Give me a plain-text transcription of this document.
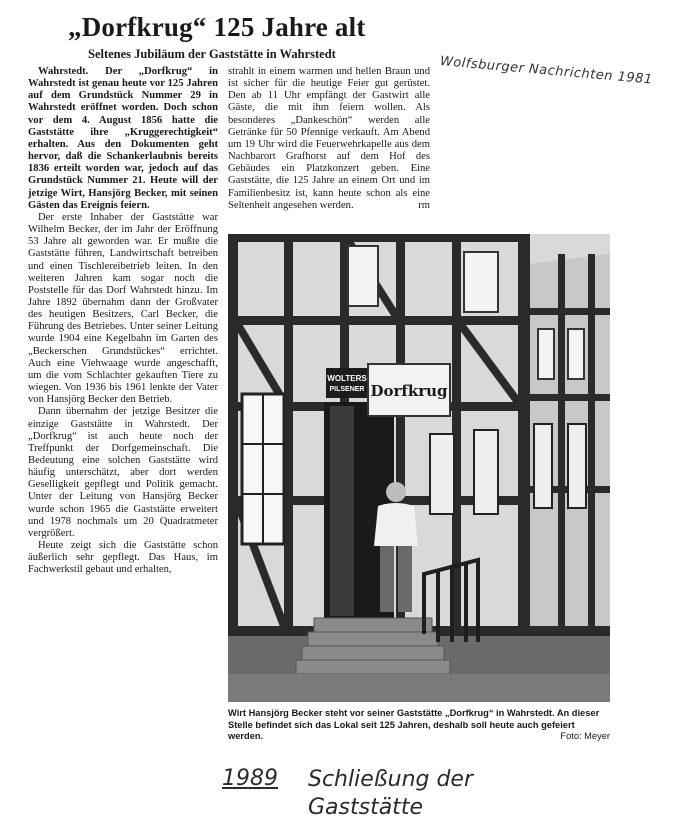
„Dorfkrug“ 125 Jahre alt
Seltenes Jubiläum der Gaststätte in Wahrstedt
Wolfsburger Nachrichten 1981

Wahrstedt. Der „Dorfkrug“ in Wahrstedt ist genau heute vor 125 Jahren auf dem Grundstück Nummer 29 in Wahrstedt eröffnet worden. Doch schon vor dem 4. August 1856 hatte die Gaststätte ihre „Kruggerechtigkeit“ erhalten. Aus den Dokumenten geht hervor, daß die Schankerlaubnis bereits 1836 erteilt worden war, jedoch auf das Grundstück Nummer 21. Heute will der jetzige Wirt, Hansjörg Becker, mit seinen Gästen das Ereignis feiern.

Der erste Inhaber der Gaststätte war Wilhelm Becker, der im Jahr der Eröffnung 53 Jahre alt geworden war. Er mußte die Gaststätte führen, Landwirtschaft betreiben und einen Tischlereibetrieb leiten. In den weiteren Jahren kam sogar noch die Poststelle für das Dorf Wahrstedt hinzu. Im Jahre 1892 übernahm dann der Großvater des heutigen Besitzers, Carl Becker, die Führung des Betriebes. Unter seiner Leitung wurde 1904 eine Kegelbahn im Garten des „Beckerschen Grundstückes“ errichtet. Auch eine Viehwaage wurde angeschafft, um die vom Schlachter gekauften Tiere zu wiegen. Von 1936 bis 1961 lenkte der Vater von Hansjörg Becker den Betrieb.

Dann übernahm der jetzige Besitzer die einzige Gaststätte in Wahrstedt. Der „Dorfkrug“ ist auch heute noch der Treffpunkt der Dorfgemeinschaft. Die Bedeutung eine solchen Gaststätte wird häufig unterschätzt, aber dort werden Geselligkeit gepflegt und Politik gemacht. Unter der Leitung von Hansjörg Becker wurde schon 1965 die Gaststätte erweitert und 1978 nochmals um 20 Quadratmeter vergrößert.

Heute zeigt sich die Gaststätte schon äußerlich sehr gepflegt. Das Haus, im Fachwerkstil gebaut und erhalten,

strahlt in einem warmen und hellen Braun und ist sicher für die heutige Feier gut gerüstet. Den ab 11 Uhr empfängt der Gastwirt alle Gäste, die mit ihm feiern wollen. Als besonderes „Dankeschön“ werden alle Getränke für 50 Pfennige verkauft. Am Abend um 19 Uhr wird die Feuerwehrkapelle aus dem Nachbarort Grafhorst auf dem Hof des Gebäudes ein Platzkonzert geben. Eine Gaststätte, die 125 Jahre an einem Ort und im Familienbesitz ist, kann heute schon als eine Seltenheit angesehen werden.	rm
WOLTERS
PILSENER Dorfkrug
Wirt Hansjörg Becker steht vor seiner Gaststätte „Dorfkrug“ in Wahrstedt. An dieser Stelle befindet sich das Lokal seit 125 Jahren, deshalb soll heute auch gefeiert werden.	Foto: Meyer
1989 Schließung der Gaststätte
